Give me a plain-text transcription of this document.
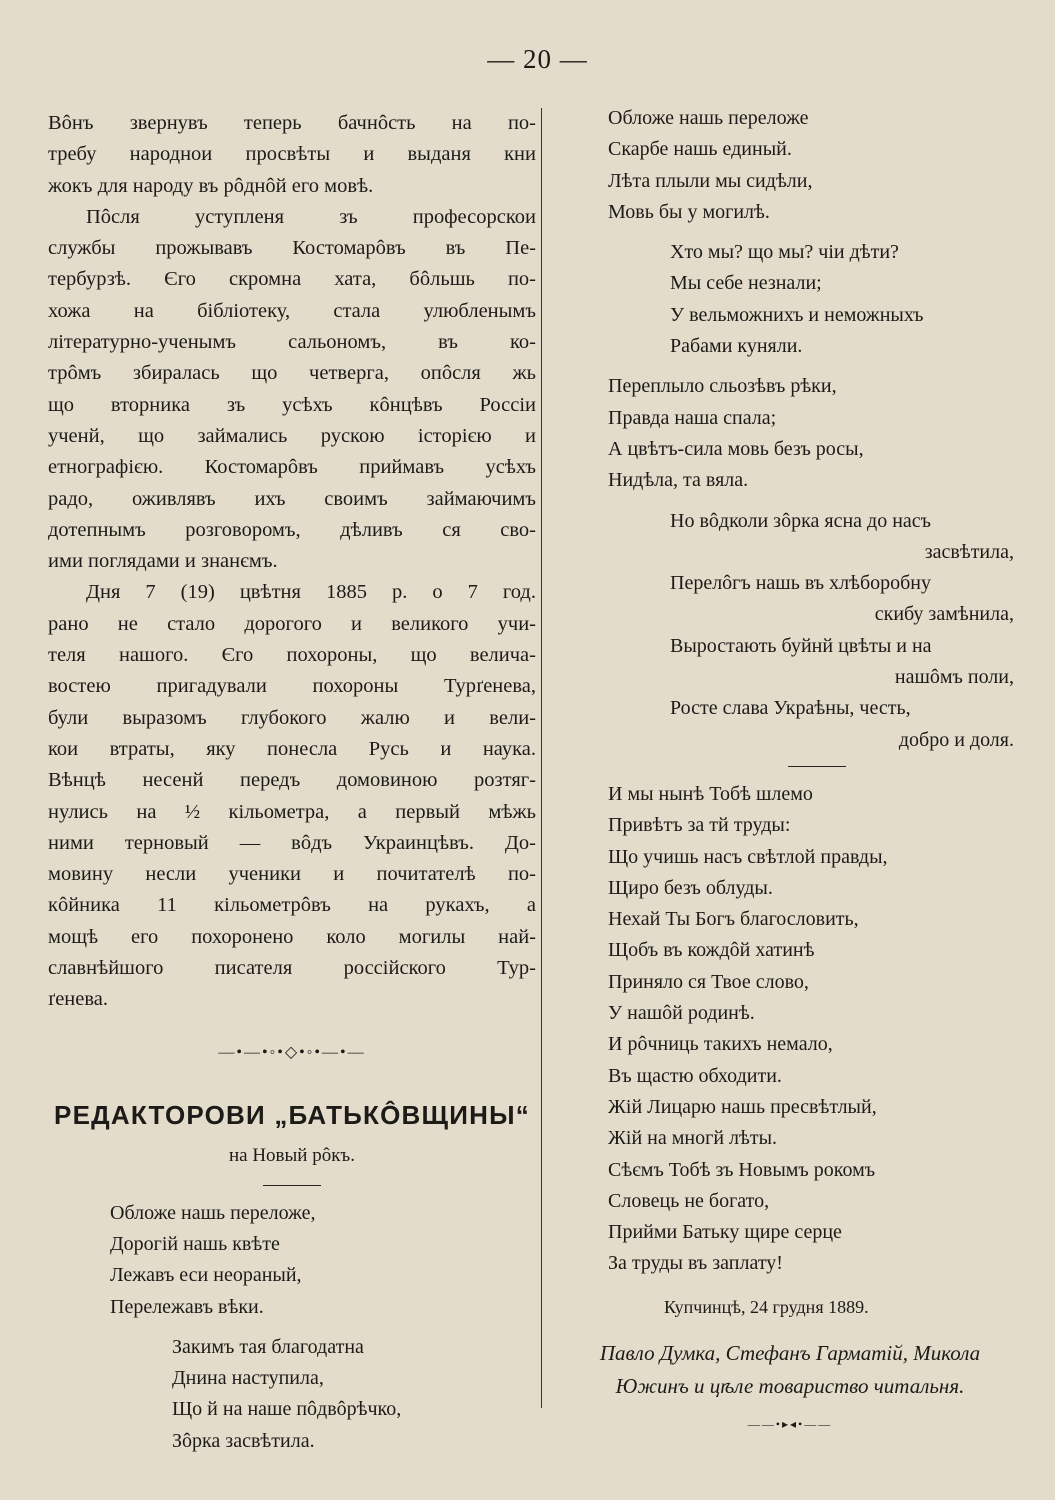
— 20 —

Вôнъ звернувъ теперь бачнôсть на по-
требу народнои просвѣты и выданя кни
жокъ для народу въ рôднôй его мовѣ.

Пôсля уступленя зъ професорскои
службы прожывавъ Костомарôвъ въ Пе-
тербурзѣ. Єго скромна хата, бôльшь по-
хожа на бібліотеку, стала улюбленымъ
літературно-ученымъ сальономъ, въ ко-
трôмъ збиралась що четверга, опôсля жь
що вторника зъ усѣхъ кôнцѣвъ Россіи
ученй, що займались рускою історією и
етнографією. Костомарôвъ приймавъ усѣхъ
радо, оживлявъ ихъ своимъ займаючимъ
дотепнымъ розговоромъ, дѣливъ ся сво-
ими поглядами и знанємъ.

Дня 7 (19) цвѣтня 1885 р. о 7 год.
рано не стало дорогого и великого учи-
теля нашого. Єго похороны, що велича-
востею пригадували похороны Турґенева,
були выразомъ глубокого жалю и вели-
кои втраты, яку понесла Русь и наука.
Вѣнцѣ несенй передъ домовиною розтяг-
нулись на ½ кільометра, а первый мѣжь
ними терновый — вôдъ Украинцѣвъ. До-
мовину несли ученики и почитателѣ по-
кôйника 11 кільометрôвъ на рукахъ, а
мощѣ его похоронено коло могилы най-
славнѣйшого писателя россійского Тур-
ґенева.

—•—•◦•◇•◦•—•—
РЕДАКТОРОВИ „БАТЬКÔВЩИНЫ“
на Новый рôкъ.
Обложе нашь переложе,
Дорогій нашь квѣте
Лежавъ еси неораный,
Перележавъ вѣки.
Закимъ тая благодатна
Днина наступила,
Що й на наше пôдвôрѣчко,
Зôрка засвѣтила.
Обложе нашь переложе
Скарбе нашь единый.
Лѣта плыли мы сидѣли,
Мовь бы у могилѣ.
Хто мы? що мы? чіи дѣти?
Мы себе незнали;
У вельможнихъ и неможныхъ
Рабами куняли.
Переплыло сльозѣвъ рѣки,
Правда наша спала;
А цвѣтъ-сила мовь безъ росы,
Нидѣла, та вяла.
Но вôдколи зôрка ясна до насъ
засвѣтила,
Перелôгъ нашь въ хлѣборобну
скибу замѣнила,
Выростають буйнй цвѣты и на
нашôмъ поли,
Росте слава Украѣны, честь,
добро и доля.
И мы нынѣ Тобѣ шлемо
Привѣтъ за тй труды:
Що учишь насъ свѣтлой правды,
Щиро безъ облуды.
Нехай Ты Богъ благословить,
Щобъ въ кождôй хатинѣ
Приняло ся Твое слово,
У нашôй родинѣ.
И рôчниць такихъ немало,
Въ щастю обходити.
Жій Лицарю нашь пресвѣтлый,
Жій на многй лѣты.
Сѣємъ Тобѣ зъ Новымъ рокомъ
Словець не богато,
Прийми Батьку щире серце
За труды въ заплату!
Купчинцѣ, 24 грудня 1889.
Павло Думка, Стефанъ Гарматій, Микола
Южинъ и цѣле товариство читальня.
——•▸◂•——
